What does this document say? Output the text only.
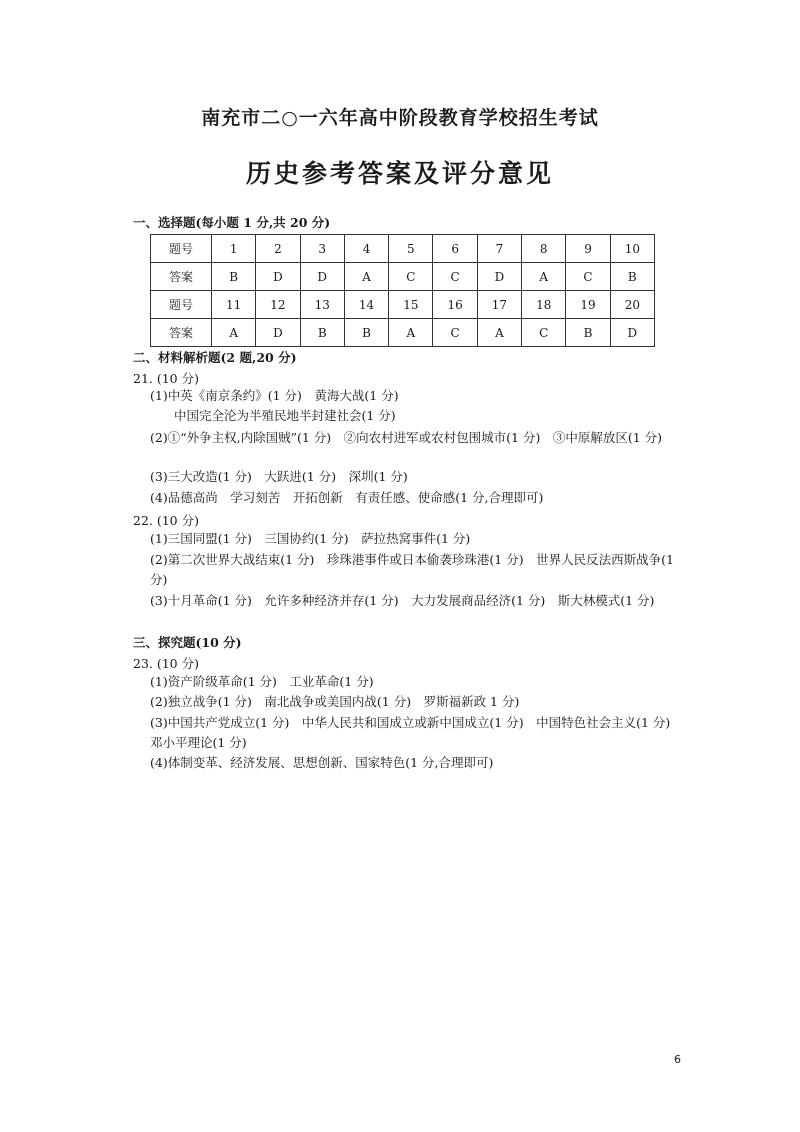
南充市二○一六年高中阶段教育学校招生考试
历史参考答案及评分意见
一、选择题(每小题 1 分,共 20 分)
题号	1	2	3	4	5	6	7	8	9	10
答案	B	D	D	A	C	C	D	A	C	B
题号	11	12	13	14	15	16	17	18	19	20
答案	A	D	B	B	A	C	A	C	B	D
二、材料解析题(2 题,20 分)
21. (10 分)
(1)中英《南京条约》(1 分)　黄海大战(1 分)
中国完全沦为半殖民地半封建社会(1 分)
(2)①“外争主权,内除国贼”(1 分)　②向农村进军或农村包围城市(1 分)　③中原解放区(1 分)
(3)三大改造(1 分)　大跃进(1 分)　深圳(1 分)
(4)品德高尚　学习刻苦　开拓创新　有责任感、使命感(1 分,合理即可)
22. (10 分)
(1)三国同盟(1 分)　三国协约(1 分)　萨拉热窝事件(1 分)
(2)第二次世界大战结束(1 分)　珍珠港事件或日本偷袭珍珠港(1 分)　世界人民反法西斯战争(1 分)
(3)十月革命(1 分)　允许多种经济并存(1 分)　大力发展商品经济(1 分)　斯大林模式(1 分)
三、探究题(10 分)
23. (10 分)
(1)资产阶级革命(1 分)　工业革命(1 分)
(2)独立战争(1 分)　南北战争或美国内战(1 分)　罗斯福新政 1 分)
(3)中国共产党成立(1 分)　中华人民共和国成立或新中国成立(1 分)　中国特色社会主义(1 分)　邓小平理论(1 分)
(4)体制变革、经济发展、思想创新、国家特色(1 分,合理即可)
6
